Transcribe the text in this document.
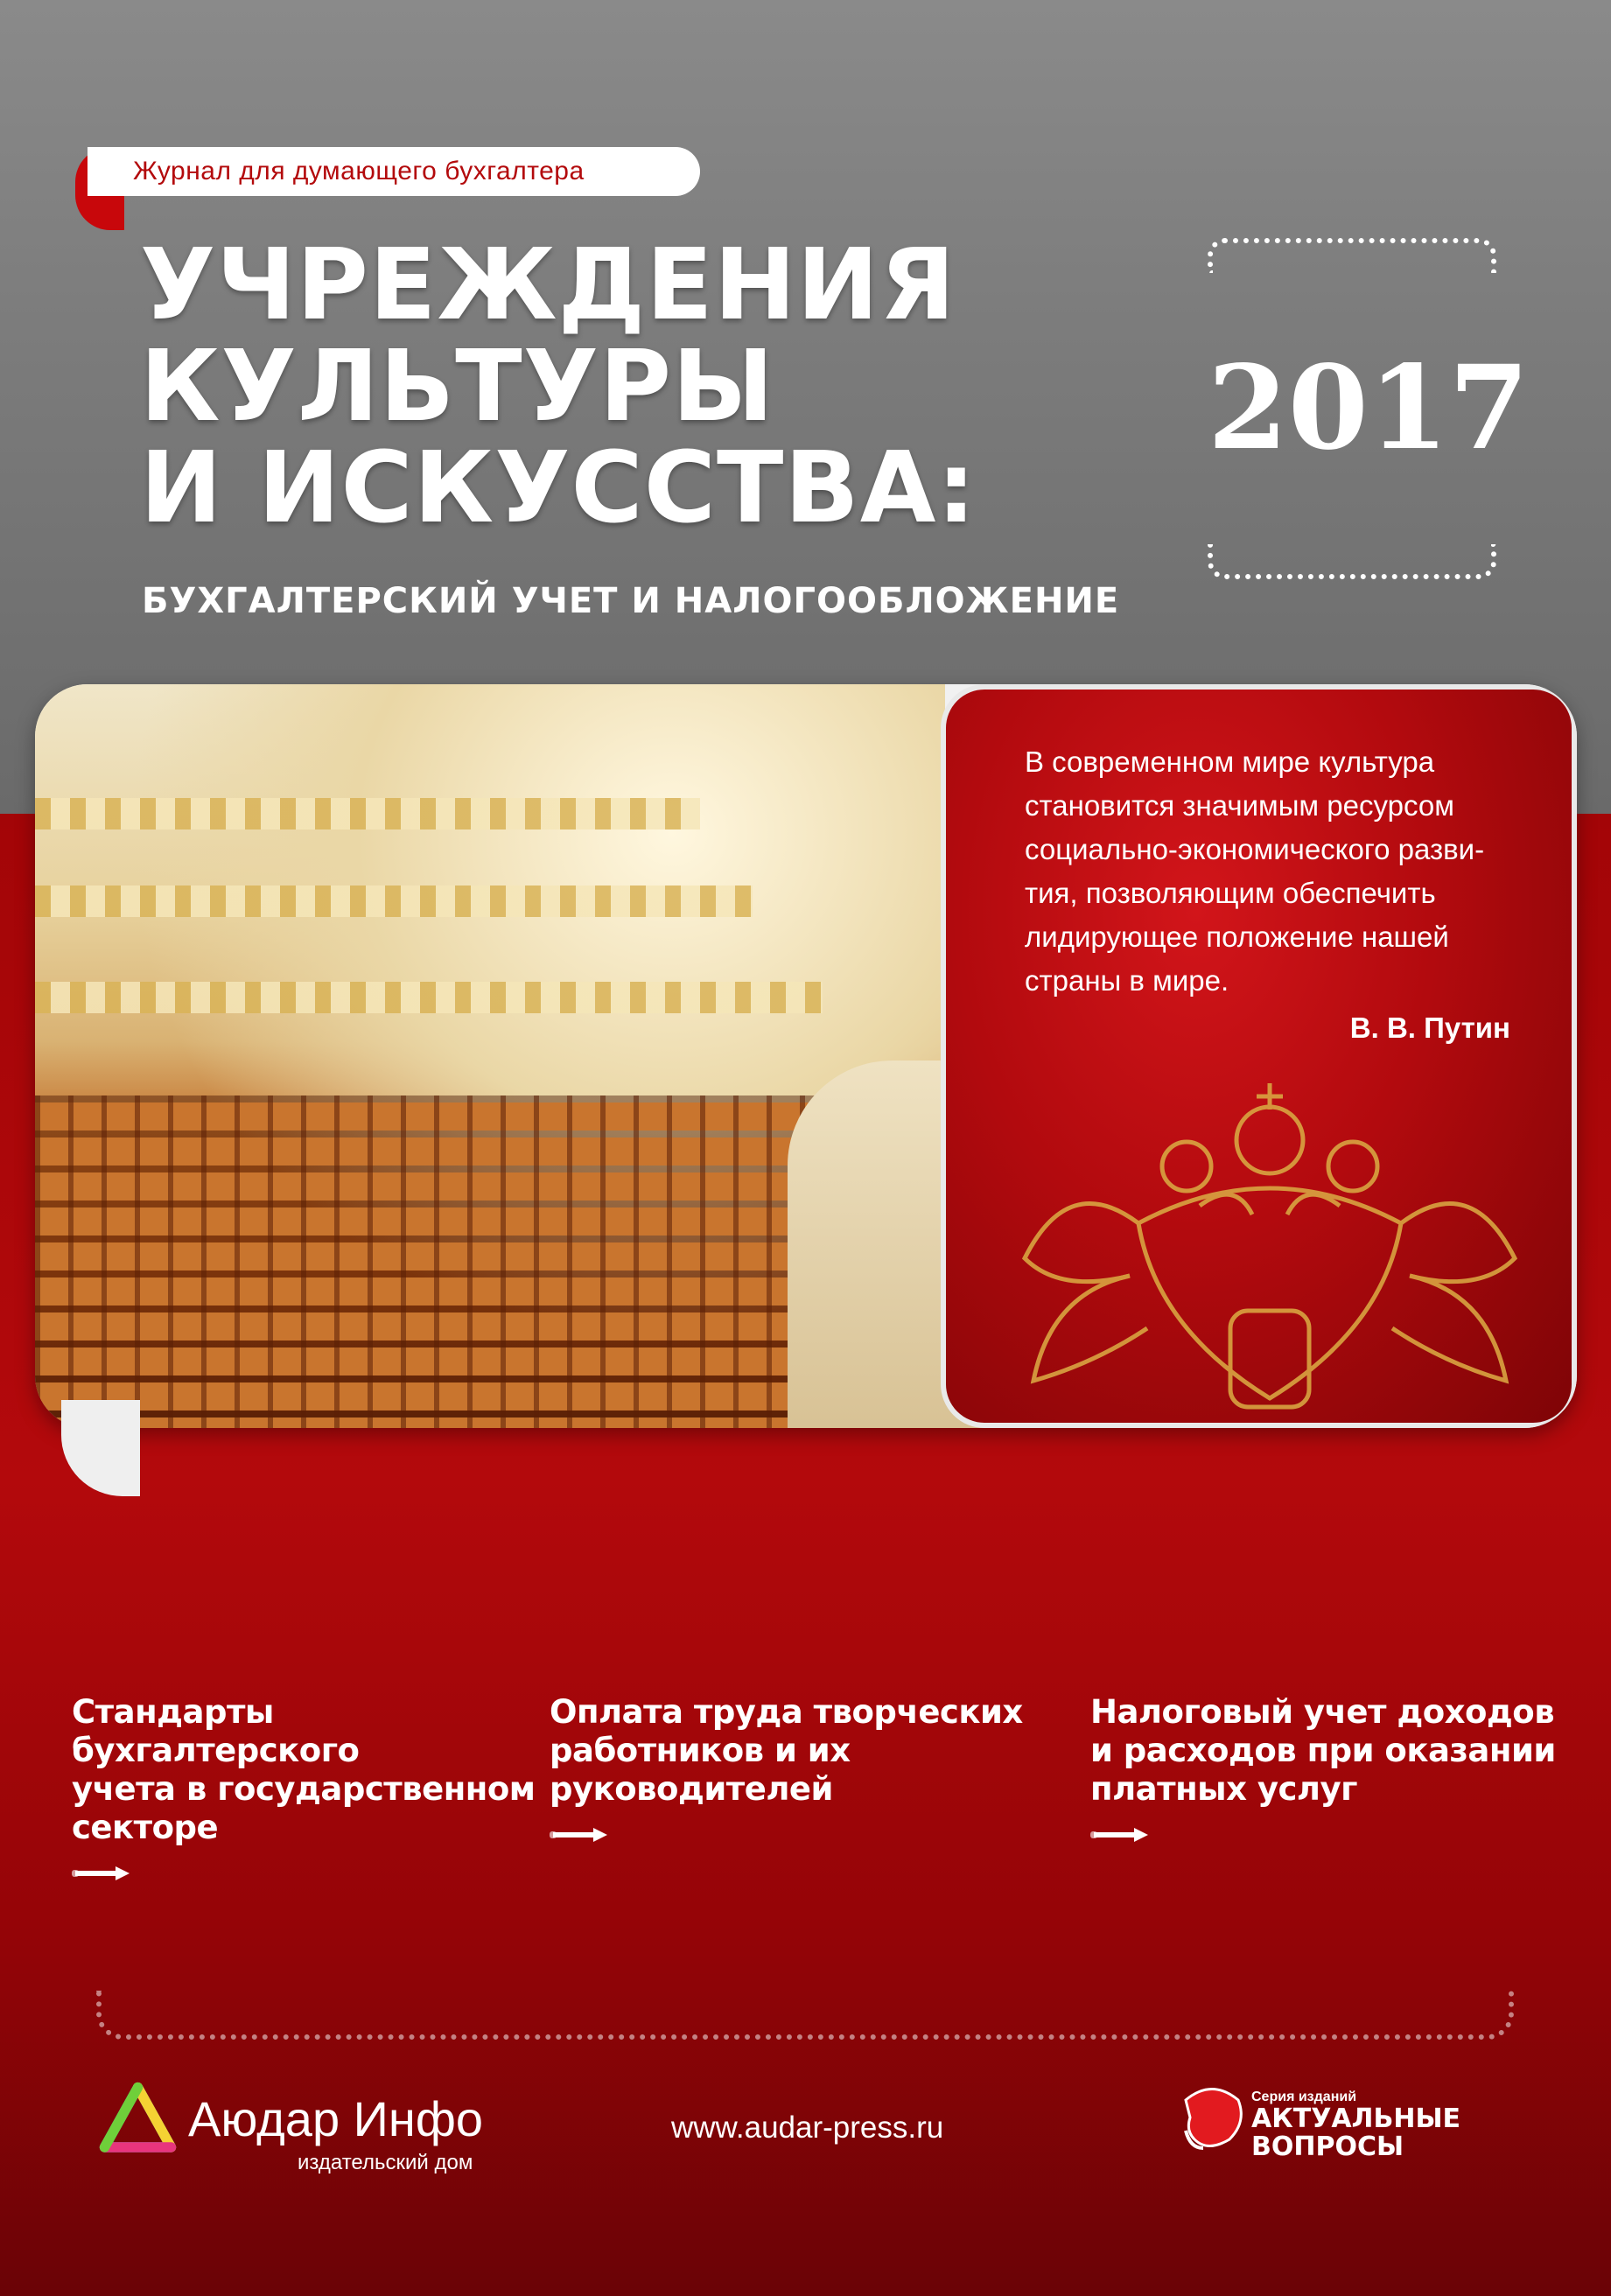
Журнал для думающего бухгалтера
УЧРЕЖДЕНИЯ
КУЛЬТУРЫ
И ИСКУССТВА:
БУХГАЛТЕРСКИЙ УЧЕТ И НАЛОГООБЛОЖЕНИЕ
2017
В современном мире культура
становится значимым ресурсом
социально-экономического разви-
тия, позволяющим обеспечить
лидирующее положение нашей
страны в мире.
В. В. Путин
Стандарты бухгалтерского
учета в государственном
секторе
Оплата труда творческих
работников и их руководителей
Налоговый учет доходов
и расходов при оказании
платных услуг
Аюдар Инфо
издательский дом
www.audar-press.ru
Серия изданий
АКТУАЛЬНЫЕ
ВОПРОСЫ
